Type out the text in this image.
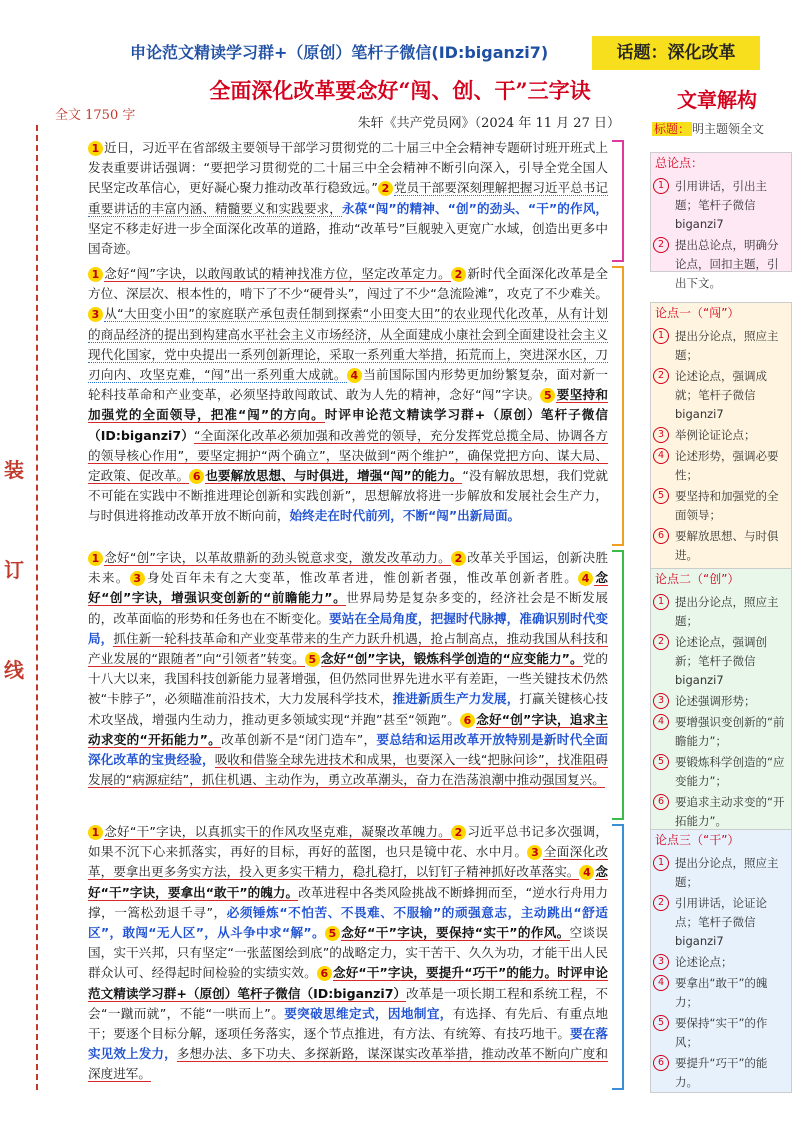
申论范文精读学习群+（原创）笔杆子微信(ID:biganzi7)	话题：深化改革
全面深化改革要念好“闯、创、干”三字诀
全文 1750 字
朱轩《共产党员网》（2024 年 11 月 27 日）
装
订
线
1 近日，习近平在省部级主要领导干部学习贯彻党的二十届三中全会精神专题研讨班开班式上发表重要讲话强调：“要把学习贯彻党的二十届三中全会精神不断引向深入，引导全党全国人民坚定改革信心，更好凝心聚力推动改革行稳致远。” 2 党员干部要深刻理解把握习近平总书记重要讲话的丰富内涵、精髓要义和实践要求，永葆“闯”的精神、“创”的劲头、“干”的作风，坚定不移走好进一步全面深化改革的道路，推动“改革号”巨舰驶入更宽广水域，创造出更多中国奇迹。
1 念好“闯”字诀，以敢闯敢试的精神找准方位，坚定改革定力。 2 新时代全面深化改革是全方位、深层次、根本性的，啃下了不少“硬骨头”，闯过了不少“急流险滩”，攻克了不少难关。3 从“大田变小田”的家庭联产承包责任制到探索“小田变大田”的农业现代化改革，从有计划的商品经济的提出到构建高水平社会主义市场经济，从全面建成小康社会到全面建设社会主义现代化国家，党中央提出一系列创新理论，采取一系列重大举措，拓荒而上，突进深水区，刀刃向内、攻坚克难，“闯”出一系列重大成就。 4 当前国际国内形势更加纷繁复杂，面对新一轮科技革命和产业变革，必须坚持敢闯敢试、敢为人先的精神，念好“闯”字诀。 5 要坚持和加强党的全面领导，把准“闯”的方向。时评申论范文精读学习群+（原创）笔杆子微信（ID:biganzi7）“全面深化改革必须加强和改善党的领导，充分发挥党总揽全局、协调各方的领导核心作用”，要坚定拥护“两个确立”，坚决做到“两个维护”，确保党把方向、谋大局、定政策、促改革。 6 也要解放思想、与时俱进，增强“闯”的能力。“没有解放思想，我们党就不可能在实践中不断推进理论创新和实践创新”，思想解放将进一步解放和发展社会生产力，与时俱进将推动改革开放不断向前，始终走在时代前列，不断“闯”出新局面。
1 念好“创”字诀，以革故鼎新的劲头锐意求变，激发改革动力。 2 改革关乎国运，创新决胜未来。 3 身处百年未有之大变革，惟改革者进，惟创新者强，惟改革创新者胜。 4 念好“创”字诀，增强识变创新的“前瞻能力”。世界局势是复杂多变的，经济社会是不断发展的，改革面临的形势和任务也在不断变化。要站在全局角度，把握时代脉搏，准确识别时代变局，抓住新一轮科技革命和产业变革带来的生产力跃升机遇，抢占制高点，推动我国从科技和产业发展的“跟随者”向“引领者”转变。 5 念好“创”字诀，锻炼科学创造的“应变能力”。党的十八大以来，我国科技创新能力显著增强，但仍然同世界先进水平有差距，一些关键技术仍然被“卡脖子”，必须瞄准前沿技术，大力发展科学技术，推进新质生产力发展，打赢关键核心技术攻坚战，增强内生动力，推动更多领域实现“并跑”甚至“领跑”。 6 念好“创”字诀，追求主动求变的“开拓能力”。改革创新不是“闭门造车”，要总结和运用改革开放特别是新时代全面深化改革的宝贵经验，吸收和借鉴全球先进技术和成果，也要深入一线“把脉问诊”，找准阻碍发展的“病源症结”，抓住机遇、主动作为，勇立改革潮头，奋力在浩荡浪潮中推动强国复兴。
1 念好“干”字诀，以真抓实干的作风攻坚克难，凝聚改革魄力。 2 习近平总书记多次强调，如果不沉下心来抓落实，再好的目标，再好的蓝图，也只是镜中花、水中月。 3 全面深化改革，要拿出更多务实方法，投入更多实干精力，稳扎稳打，以钉钉子精神抓好改革落实。 4 念好“干”字诀，要拿出“敢干”的魄力。改革进程中各类风险挑战不断蜂拥而至，“逆水行舟用力撑，一篙松劲退千寻”，必须锤炼“不怕苦、不畏难、不服输”的顽强意志，主动跳出“舒适区”，敢闯“无人区”，从斗争中求“解”。 5 念好“干”字诀，要保持“实干”的作风。空谈误国，实干兴邦，只有坚定“一张蓝图绘到底”的战略定力，实干苦干、久久为功，才能干出人民群众认可、经得起时间检验的实绩实效。 6 念好“干”字诀，要提升“巧干”的能力。时评申论范文精读学习群+（原创）笔杆子微信（ID:biganzi7）改革是一项长期工程和系统工程，不会“一蹴而就”，不能“一哄而上”。要突破思维定式，因地制宜，有选择、有先后、有重点地干；要逐个目标分解，逐项任务落实，逐个节点推进，有方法、有统筹、有技巧地干。要在落实见效上发力，多想办法、多下功夫、多探新路，谋深谋实改革举措，推动改革不断向广度和深度进军。
文章解构
标题： 明主题领全文
总论点：
1 引用讲话，引出主题；笔杆子微信 biganzi7
2 提出总论点，明确分论点，回扣主题，引出下文。
论点一（“闯”）
1 提出分论点，照应主题；
2 论述论点，强调成就；笔杆子微信 biganzi7
3 举例论证论点；
4 论述形势，强调必要性；
5 要坚持和加强党的全面领导；
6 要解放思想、与时俱进。
论点二（“创”）
1 提出分论点，照应主题；
2 论述论点，强调创新；笔杆子微信 biganzi7
3 论述强调形势；
4 要增强识变创新的“前瞻能力”；
5 要锻炼科学创造的“应变能力”；
6 要追求主动求变的“开拓能力”。
论点三（“干”）
1 提出分论点，照应主题；
2 引用讲话，论证论点；笔杆子微信 biganzi7
3 论述论点；
4 要拿出“敢干”的魄力；
5 要保持“实干”的作风；
6 要提升“巧干”的能力。
